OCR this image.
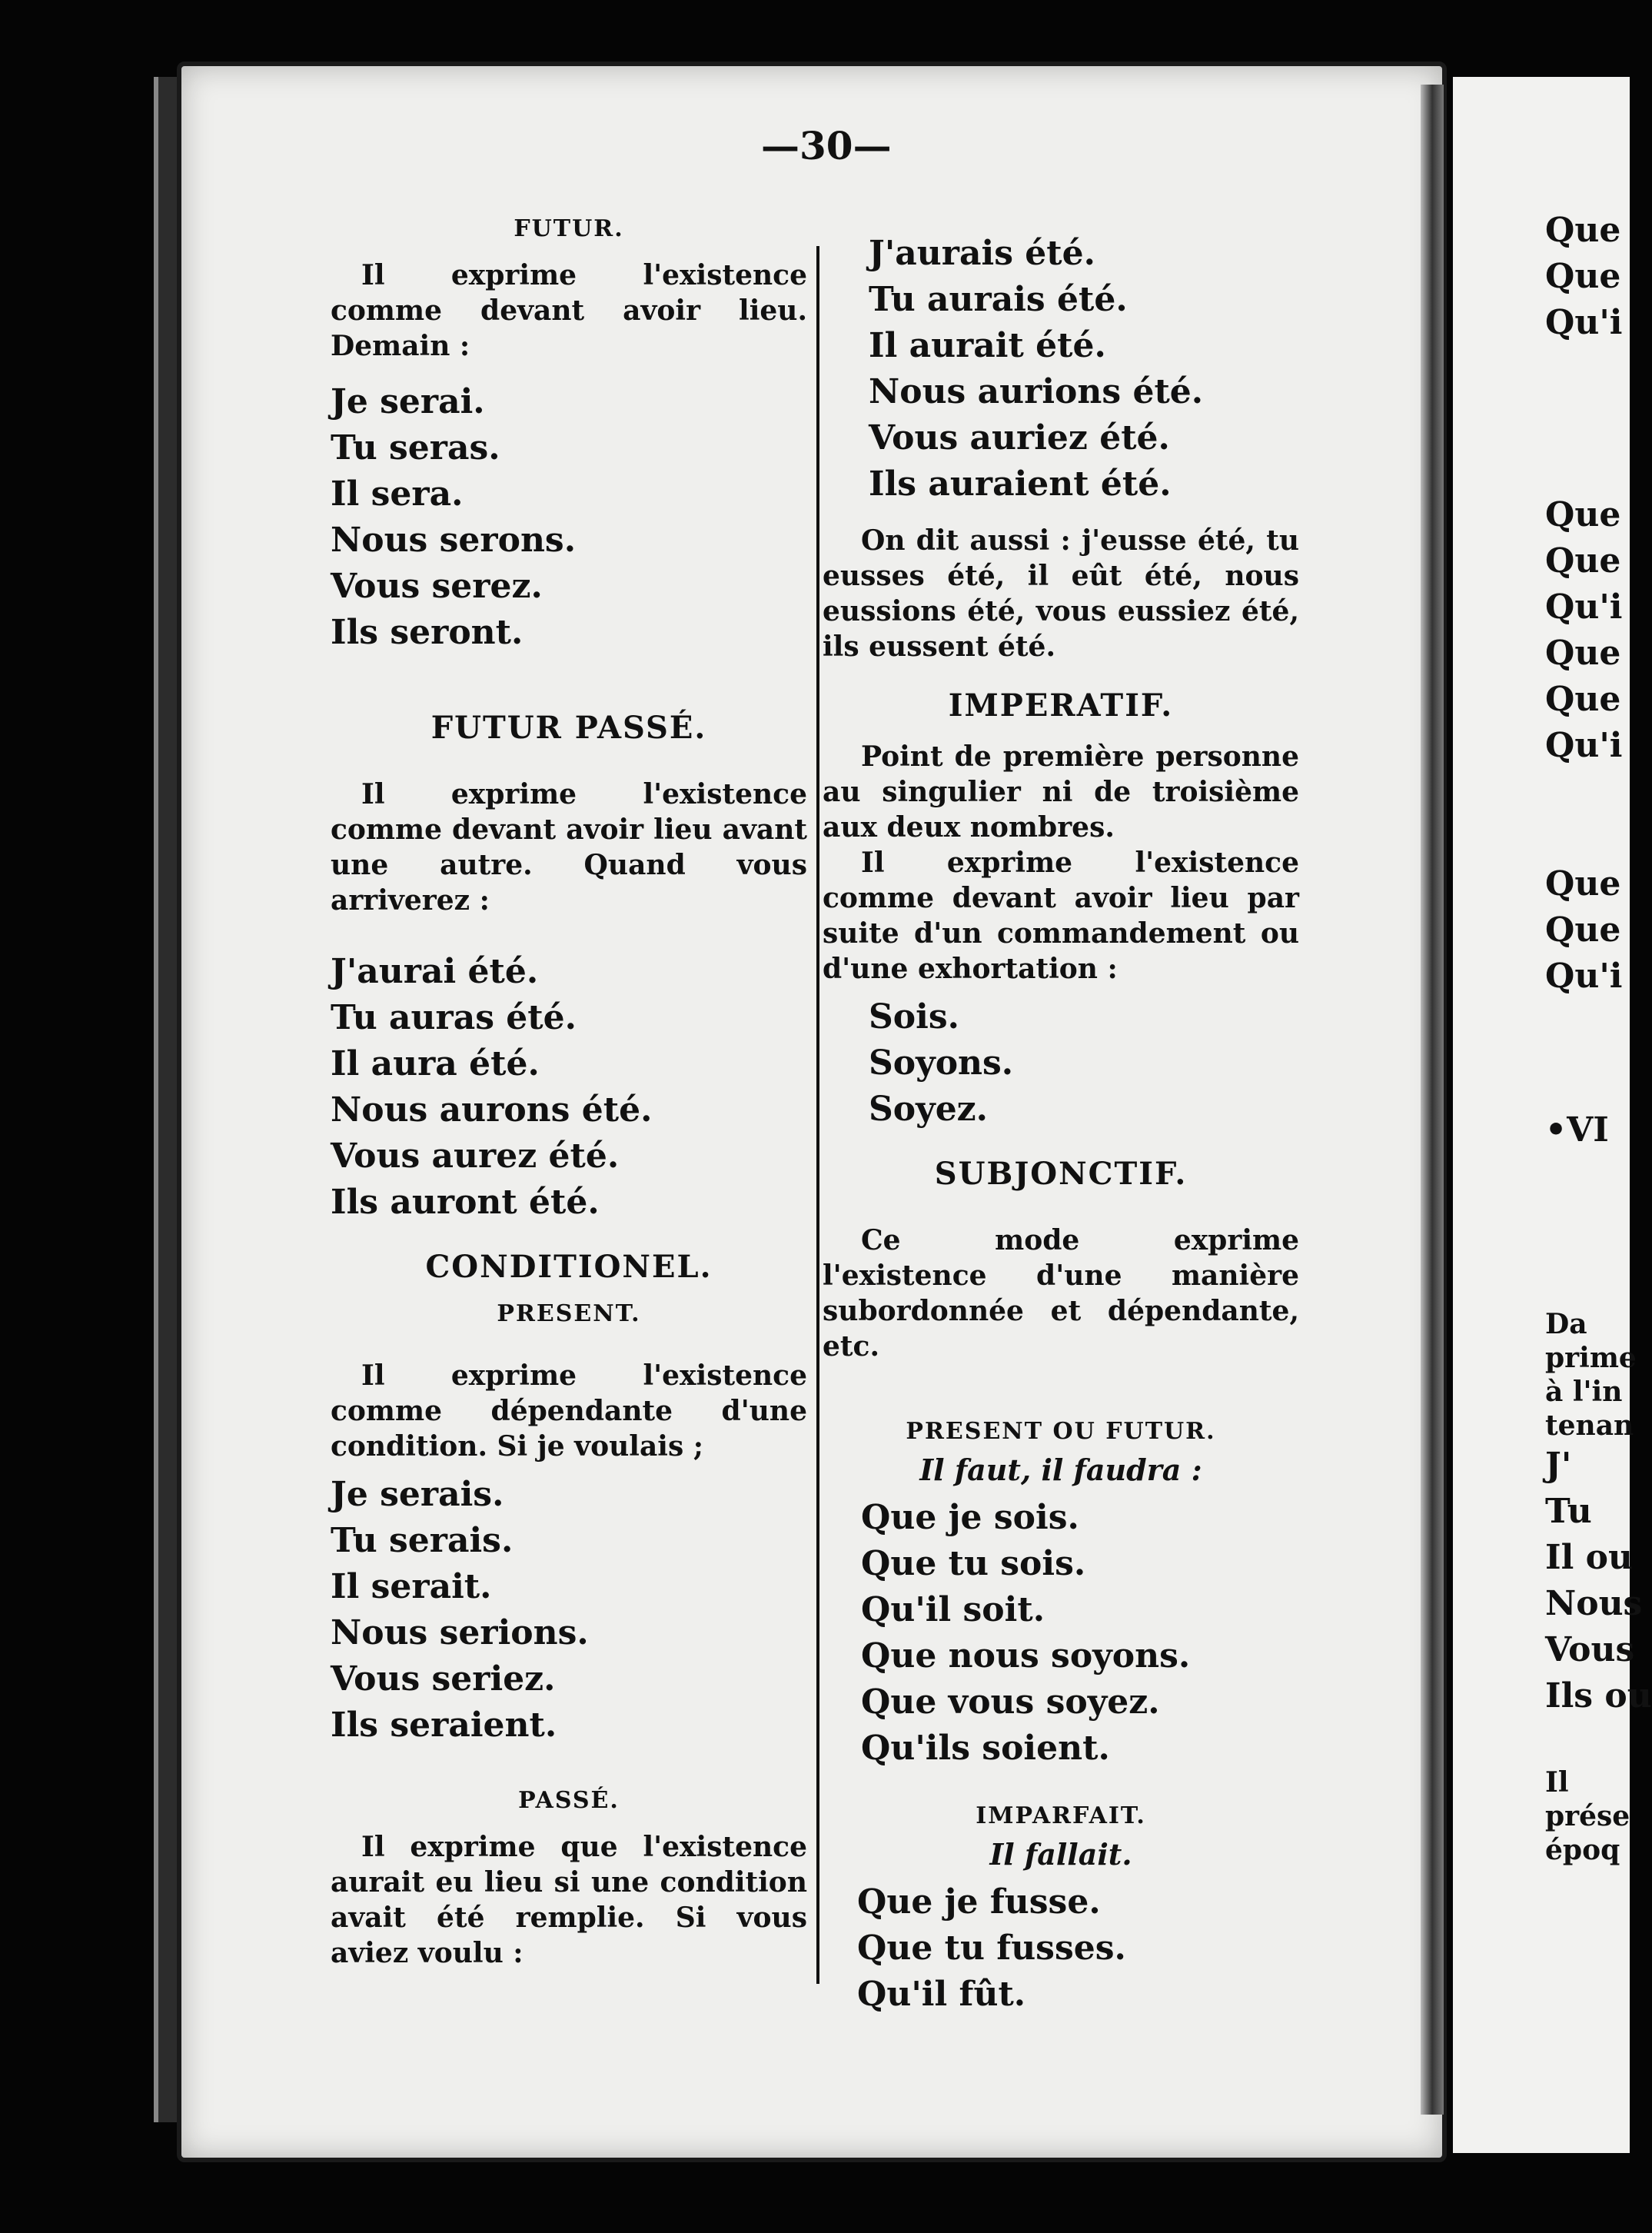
—30—
FUTUR.
Il exprime l'existence comme devant avoir lieu. Demain :
Je serai.
Tu seras.
Il sera.
Nous serons.
Vous serez.
Ils seront.
FUTUR PASSÉ.
Il exprime l'existence comme devant avoir lieu avant une autre. Quand vous arriverez :
J'aurai été.
Tu auras été.
Il aura été.
Nous aurons été.
Vous aurez été.
Ils auront été.
CONDITIONEL.
PRESENT.
Il exprime l'existence comme dépendante d'une condition. Si je voulais ;
Je serais.
Tu serais.
Il serait.
Nous serions.
Vous seriez.
Ils seraient.
PASSÉ.
Il exprime que l'existence aurait eu lieu si une condition avait été remplie. Si vous aviez voulu :
J'aurais été.
Tu aurais été.
Il aurait été.
Nous aurions été.
Vous auriez été.
Ils auraient été.
On dit aussi : j'eusse été, tu eusses été, il eût été, nous eussions été, vous eussiez été, ils eussent été.
IMPERATIF.
Point de première personne au singulier ni de troisième aux deux nombres.
Il exprime l'existence comme devant avoir lieu par suite d'un commandement ou d'une exhortation :
Sois.
Soyons.
Soyez.
SUBJONCTIF.
Ce mode exprime l'existence d'une manière subordonnée et dépendante, etc.
PRESENT OU FUTUR.
Il faut, il faudra :
Que je sois.
Que tu sois.
Qu'il soit.
Que nous soyons.
Que vous soyez.
Qu'ils soient.
IMPARFAIT.
Il fallait.
Que je fusse.
Que tu fusses.
Qu'il fût.
Que
Que
Qu'i
Que
Que
Qu'i
Que
Que
Qu'i
Que
Que
Qu'i
•VI
Da
prime
à l'in
tenan
J'
Tu
Il ou
Nous
Vous
Ils ou
Il
prése
époq
